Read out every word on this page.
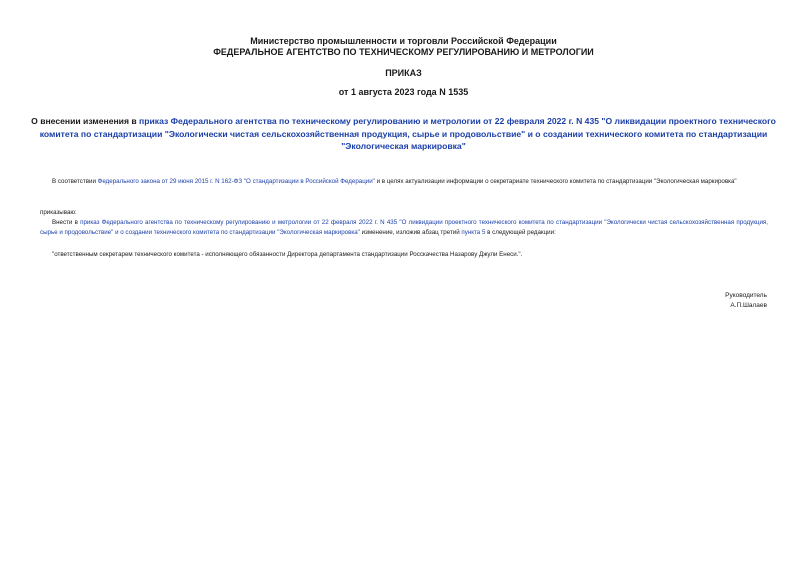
Министерство промышленности и торговли Российской Федерации
ФЕДЕРАЛЬНОЕ АГЕНТСТВО ПО ТЕХНИЧЕСКОМУ РЕГУЛИРОВАНИЮ И МЕТРОЛОГИИ
ПРИКАЗ
от 1 августа 2023 года N 1535

О внесении изменения в приказ Федерального агентства по техническому регулированию и метрологии от 22 февраля 2022 г. N 435 "О ликвидации проектного технического комитета по стандартизации "Экологически чистая сельскохозяйственная продукция, сырье и продовольствие" и о создании технического комитета по стандартизации "Экологическая маркировка"

В соответствии Федерального закона от 29 июня 2015 г. N 162-ФЗ "О стандартизации в Российской Федерации" и в целях актуализации информации о секретариате технического комитета по стандартизации "Экологическая маркировка"

приказываю:

Внести в приказ Федерального агентства по техническому регулированию и метрологии от 22 февраля 2022 г. N 435 "О ликвидации проектного технического комитета по стандартизации "Экологически чистая сельскохозяйственная продукция, сырье и продовольствие" и о создании технического комитета по стандартизации "Экологическая маркировка" изменение, изложив абзац третий пункта 5 в следующей редакции:

"ответственным секретарем технического комитета - исполняющего обязанности Директора департамента стандартизации Росскачества Назарову Джули Енеси.".

Руководитель
А.П.Шалаев
